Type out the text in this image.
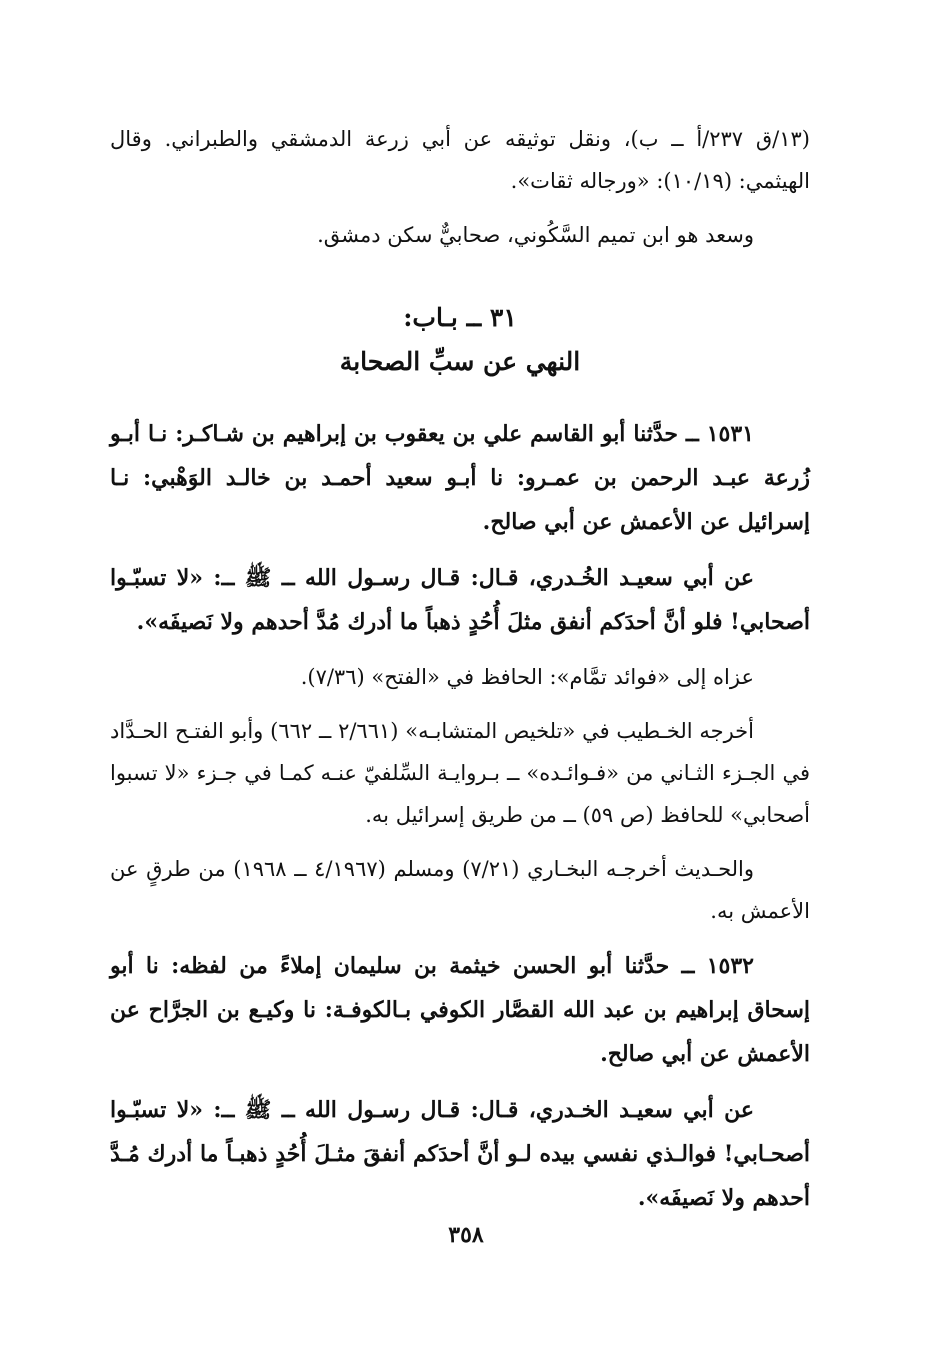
(١٣/ق ٢٣٧/أ ــ ب)، ونقل توثيقه عن أبي زرعة الدمشقي والطبراني. وقال الهيثمي: (١٠/١٩): «ورجاله ثقات».

وسعد هو ابن تميم السَّكُوني، صحابيٌّ سكن دمشق.

٣١ ــ بـاب:
النهي عن سبِّ الصحابة

١٥٣١ ــ حدَّثنا أبو القاسم علي بن يعقوب بن إبراهيم بن شـاكـر: نـا أبـو زُرعة عبـد الرحمن بن عمـرو: نا أبـو سعيد أحمـد بن خالـد الوَهْبي: نـا إسرائيل عن الأعمش عن أبي صالح.

عن أبي سعيـد الخُـدري، قـال: قـال رسـول الله ــ ﷺ ــ: «لا تسبّـوا أصحابي! فلو أنَّ أحدَكم أنفق مثلَ أُحُدٍ ذهباً ما أدرك مُدَّ أحدهم ولا نَصيفَه».

عزاه إلى «فوائد تمَّام»: الحافظ في «الفتح» (٧/٣٦).

أخرجه الخـطيب في «تلخيص المتشابـه» (٢/٦٦١ ــ ٦٦٢) وأبو الفتـح الحـدَّاد في الجـزء الثـاني من «فـوائـده» ــ بـروايـة السِّلفيّ عنـه كمـا في جـزء «لا تسبوا أصحابي» للحافظ (ص ٥٩) ــ من طريق إسرائيل به.

والحـديث أخرجـه البخـاري (٧/٢١) ومسلم (٤/١٩٦٧ ــ ١٩٦٨) من طرقٍ عن الأعمش به.

١٥٣٢ ــ حدَّثنا أبو الحسن خيثمة بن سليمان إملاءً من لفظه: نا أبو إسحاق إبراهيم بن عبد الله القصَّار الكوفي بـالكوفـة: نا وكيـع بن الجرَّاح عن الأعمش عن أبي صالح.

عن أبي سعيـد الخـدري، قـال: قـال رسـول الله ــ ﷺ ــ: «لا تسبّـوا أصحـابي! فوالـذي نفسي بيده لـو أنَّ أحدَكم أنفقَ مثـلَ أُحُدٍ ذهبـاً ما أدرك مُـدَّ أحدهم ولا نَصيفَه».

٣٥٨
